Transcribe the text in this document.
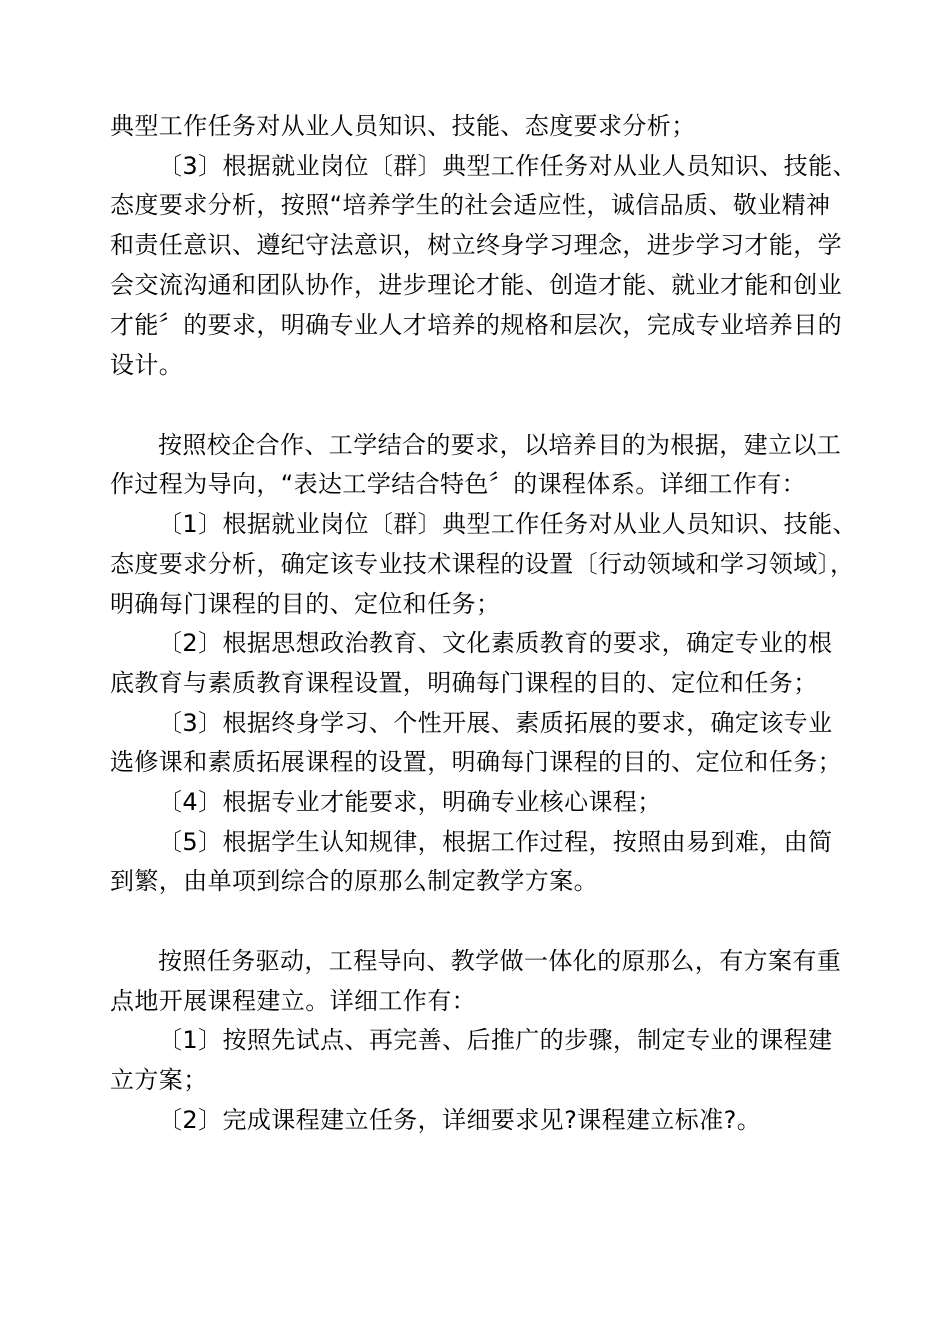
典型工作任务对从业人员知识、技能、态度要求分析；
〔3〕根据就业岗位〔群〕典型工作任务对从业人员知识、技能、
态度要求分析，按照“培养学生的社会适应性，诚信品质、敬业精神
和责任意识、遵纪守法意识，树立终身学习理念，进步学习才能，学
会交流沟通和团队协作，进步理论才能、创造才能、就业才能和创业
才能〞的要求，明确专业人才培养的规格和层次，完成专业培养目的
设计。
按照校企合作、工学结合的要求，以培养目的为根据，建立以工
作过程为导向，“表达工学结合特色〞的课程体系。详细工作有：
〔1〕根据就业岗位〔群〕典型工作任务对从业人员知识、技能、
态度要求分析，确定该专业技术课程的设置〔行动领域和学习领域〕，
明确每门课程的目的、定位和任务；
〔2〕根据思想政治教育、文化素质教育的要求，确定专业的根
底教育与素质教育课程设置，明确每门课程的目的、定位和任务；
〔3〕根据终身学习、个性开展、素质拓展的要求，确定该专业
选修课和素质拓展课程的设置，明确每门课程的目的、定位和任务；
〔4〕根据专业才能要求，明确专业核心课程；
〔5〕根据学生认知规律，根据工作过程，按照由易到难，由简
到繁，由单项到综合的原那么制定教学方案。
按照任务驱动，工程导向、教学做一体化的原那么，有方案有重
点地开展课程建立。详细工作有：
〔1〕按照先试点、再完善、后推广的步骤，制定专业的课程建
立方案；
〔2〕完成课程建立任务，详细要求见?课程建立标准?。
